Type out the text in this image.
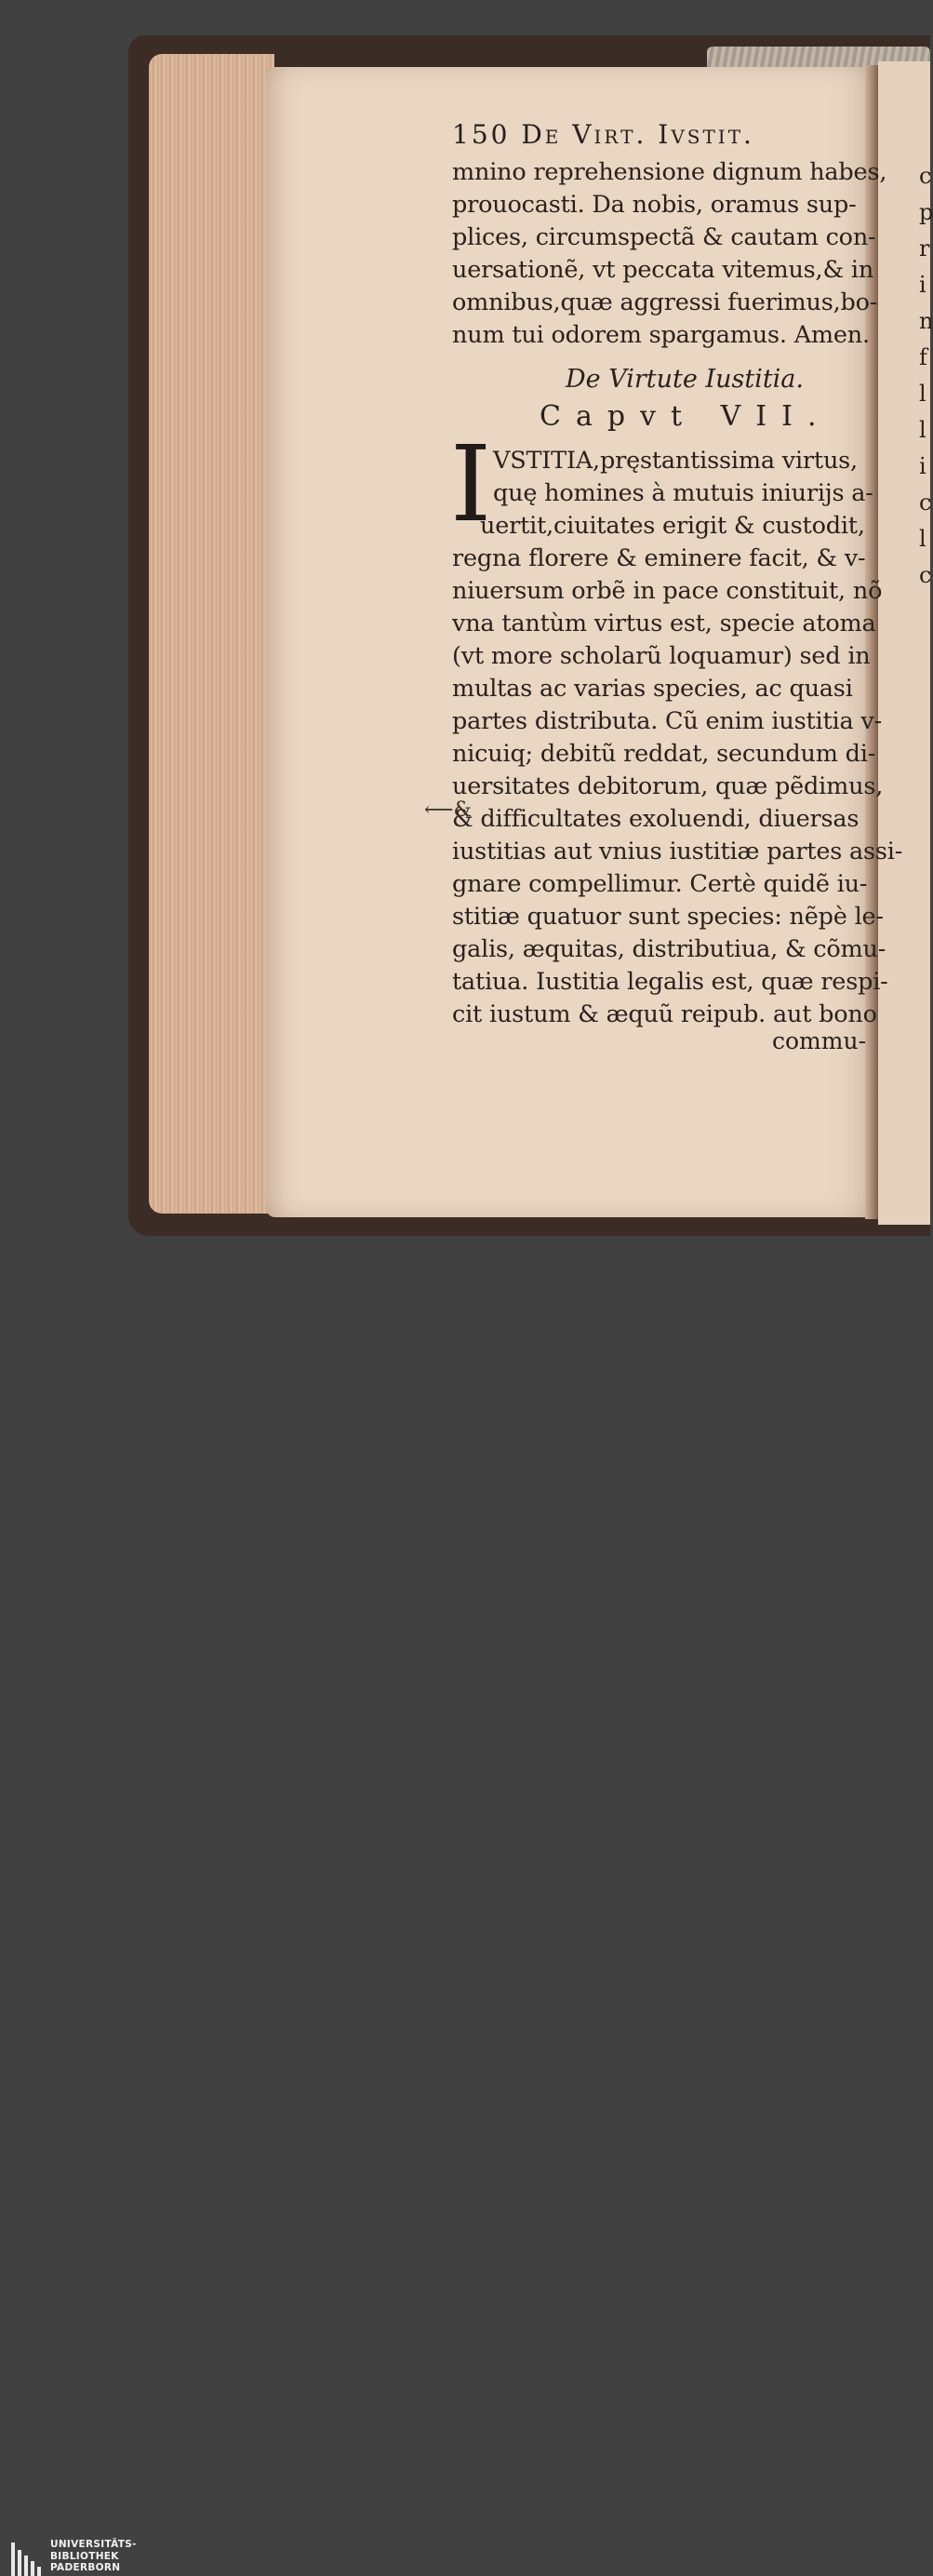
150 De Virt. Ivstit.
mnino reprehensione dignum habes,
prouocasti. Da nobis, oramus sup-
plices, circumspectã & cautam con-
uersationẽ, vt peccata vitemus,& in
omnibus,quæ aggressi fuerimus,bo-
num tui odorem spargamus. Amen.
De Virtute Iustitia.
Capvt VII.
I VSTITIA,pręstantissima virtus,
quę homines à mutuis iniurijs a-
uertit,ciuitates erigit & custodit,
regna florere & eminere facit, & v-
niuersum orbẽ in pace constituit, nõ
vna tantùm virtus est, specie atoma
(vt more scholarũ loquamur) sed in
multas ac varias species, ac quasi
partes distributa. Cũ enim iustitia v-
nicuiq; debitũ reddat, secundum di-
uersitates debitorum, quæ pẽdimus,
& difficultates exoluendi, diuersas
iustitias aut vnius iustitiæ partes assi-
gnare compellimur. Certè quidẽ iu-
stitiæ quatuor sunt species: nẽpè le-
galis, æquitas, distributiua, & cõmu-
tatiua. Iustitia legalis est, quæ respi-
cit iustum & æquũ reipub. aut bono
commu-
⟵&
c
p
r
i
n
f
l
l
i
c
l
c
UNIVERSITÄTS-
BIBLIOTHEK
PADERBORN
